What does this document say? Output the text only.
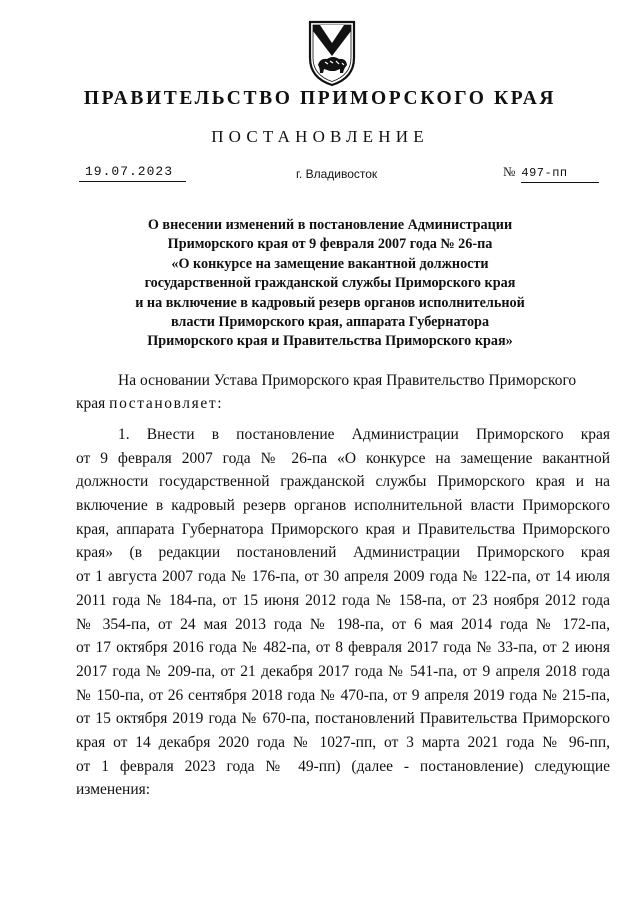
ПРАВИТЕЛЬСТВО ПРИМОРСКОГО КРАЯ
ПОСТАНОВЛЕНИЕ
19.07.2023	г. Владивосток	№ 497-пп
О внесении изменений в постановление Администрации
Приморского края от 9 февраля 2007 года № 26-па
«О конкурсе на замещение вакантной должности
государственной гражданской службы Приморского края
и на включение в кадровый резерв органов исполнительной
власти Приморского края, аппарата Губернатора
Приморского края и Правительства Приморского края»
На основании Устава Приморского края Правительство Приморского
края постановляет:
1. Внести в постановление Администрации Приморского края
от 9 февраля 2007 года № 26-па «О конкурсе на замещение вакантной
должности государственной гражданской службы Приморского края и на
включение в кадровый резерв органов исполнительной власти Приморского
края, аппарата Губернатора Приморского края и Правительства Приморского
края» (в редакции постановлений Администрации Приморского края
от 1 августа 2007 года № 176-па, от 30 апреля 2009 года № 122-па, от 14 июля
2011 года № 184-па, от 15 июня 2012 года № 158-па, от 23 ноября 2012 года
№ 354-па, от 24 мая 2013 года № 198-па, от 6 мая 2014 года № 172-па,
от 17 октября 2016 года № 482-па, от 8 февраля 2017 года № 33-па, от 2 июня
2017 года № 209-па, от 21 декабря 2017 года № 541-па, от 9 апреля 2018 года
№ 150-па, от 26 сентября 2018 года № 470-па, от 9 апреля 2019 года № 215-па,
от 15 октября 2019 года № 670-па, постановлений Правительства Приморского
края от 14 декабря 2020 года № 1027-пп, от 3 марта 2021 года № 96-пп,
от 1 февраля 2023 года № 49-пп) (далее - постановление) следующие
изменения:
